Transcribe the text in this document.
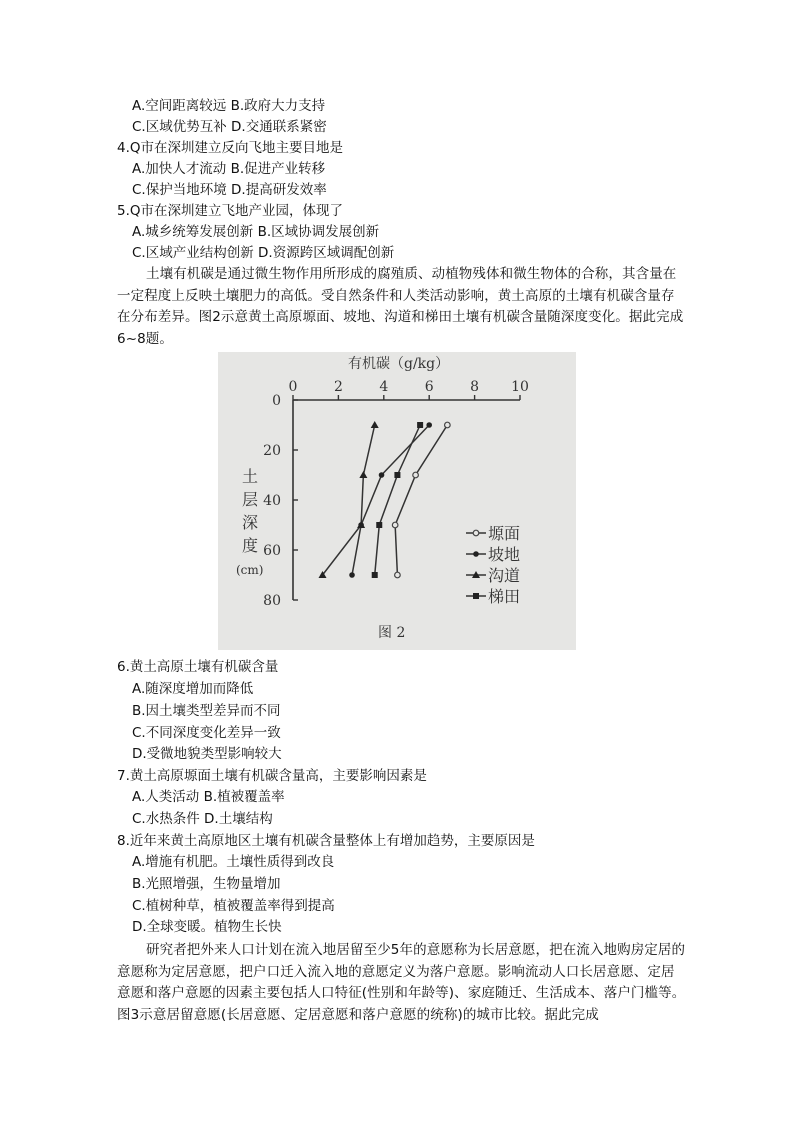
A.空间距离较远 B.政府大力支持
C.区域优势互补 D.交通联系紧密
4.Q市在深圳建立反向飞地主要目地是
A.加快人才流动 B.促进产业转移
C.保护当地环境 D.提高研发效率
5.Q市在深圳建立飞地产业园，体现了
A.城乡统筹发展创新 B.区域协调发展创新
C.区域产业结构创新 D.资源跨区域调配创新
土壤有机碳是通过微生物作用所形成的腐殖质、动植物残体和微生物体的合称，其含量在一定程度上反映土壤肥力的高低。受自然条件和人类活动影响，黄土高原的土壤有机碳含量存在分布差异。图2示意黄土高原塬面、坡地、沟道和梯田土壤有机碳含量随深度变化。据此完成6~8题。
有机碳（g/kg）
0	2	4	6	8 10
0
20
40
60
80
塬面
坡地
沟道
梯田
土
层
深
度
(cm)
图 2
6.黄土高原土壤有机碳含量
A.随深度增加而降低
B.因土壤类型差异而不同
C.不同深度变化差异一致
D.受微地貌类型影响较大
7.黄土高原塬面土壤有机碳含量高，主要影响因素是
A.人类活动 B.植被覆盖率
C.水热条件 D.土壤结构
8.近年来黄土高原地区土壤有机碳含量整体上有增加趋势，主要原因是
A.增施有机肥。土壤性质得到改良
B.光照增强，生物量增加
C.植树种草，植被覆盖率得到提高
D.全球变暖。植物生长快
研究者把外来人口计划在流入地居留至少5年的意愿称为长居意愿，把在流入地购房定居的意愿称为定居意愿，把户口迁入流入地的意愿定义为落户意愿。影响流动人口长居意愿、定居意愿和落户意愿的因素主要包括人口特征(性别和年龄等)、家庭随迁、生活成本、落户门槛等。图3示意居留意愿(长居意愿、定居意愿和落户意愿的统称)的城市比较。据此完成
